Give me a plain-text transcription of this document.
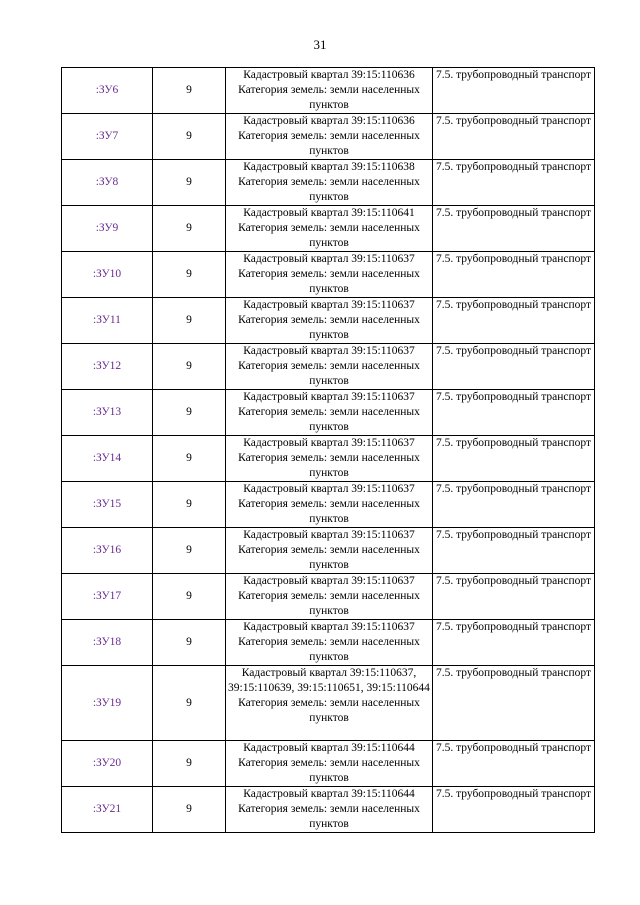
31
:ЗУ6	9	Кадастровый квартал 39:15:110636 Категория земель: земли населенных пунктов	7.5. трубопроводный транспорт
:ЗУ7	9	Кадастровый квартал 39:15:110636 Категория земель: земли населенных пунктов	7.5. трубопроводный транспорт
:ЗУ8	9	Кадастровый квартал 39:15:110638 Категория земель: земли населенных пунктов	7.5. трубопроводный транспорт
:ЗУ9	9	Кадастровый квартал 39:15:110641 Категория земель: земли населенных пунктов	7.5. трубопроводный транспорт
:ЗУ10	9	Кадастровый квартал 39:15:110637 Категория земель: земли населенных пунктов	7.5. трубопроводный транспорт
:ЗУ11	9	Кадастровый квартал 39:15:110637 Категория земель: земли населенных пунктов	7.5. трубопроводный транспорт
:ЗУ12	9	Кадастровый квартал 39:15:110637 Категория земель: земли населенных пунктов	7.5. трубопроводный транспорт
:ЗУ13	9	Кадастровый квартал 39:15:110637 Категория земель: земли населенных пунктов	7.5. трубопроводный транспорт
:ЗУ14	9	Кадастровый квартал 39:15:110637 Категория земель: земли населенных пунктов	7.5. трубопроводный транспорт
:ЗУ15	9	Кадастровый квартал 39:15:110637 Категория земель: земли населенных пунктов	7.5. трубопроводный транспорт
:ЗУ16	9	Кадастровый квартал 39:15:110637 Категория земель: земли населенных пунктов	7.5. трубопроводный транспорт
:ЗУ17	9	Кадастровый квартал 39:15:110637 Категория земель: земли населенных пунктов	7.5. трубопроводный транспорт
:ЗУ18	9	Кадастровый квартал 39:15:110637 Категория земель: земли населенных пунктов	7.5. трубопроводный транспорт
:ЗУ19	9	Кадастровый квартал 39:15:110637, 39:15:110639, 39:15:110651, 39:15:110644 Категория земель: земли населенных пунктов	7.5. трубопроводный транспорт
:ЗУ20	9	Кадастровый квартал 39:15:110644 Категория земель: земли населенных пунктов	7.5. трубопроводный транспорт
:ЗУ21	9	Кадастровый квартал 39:15:110644 Категория земель: земли населенных пунктов	7.5. трубопроводный транспорт
